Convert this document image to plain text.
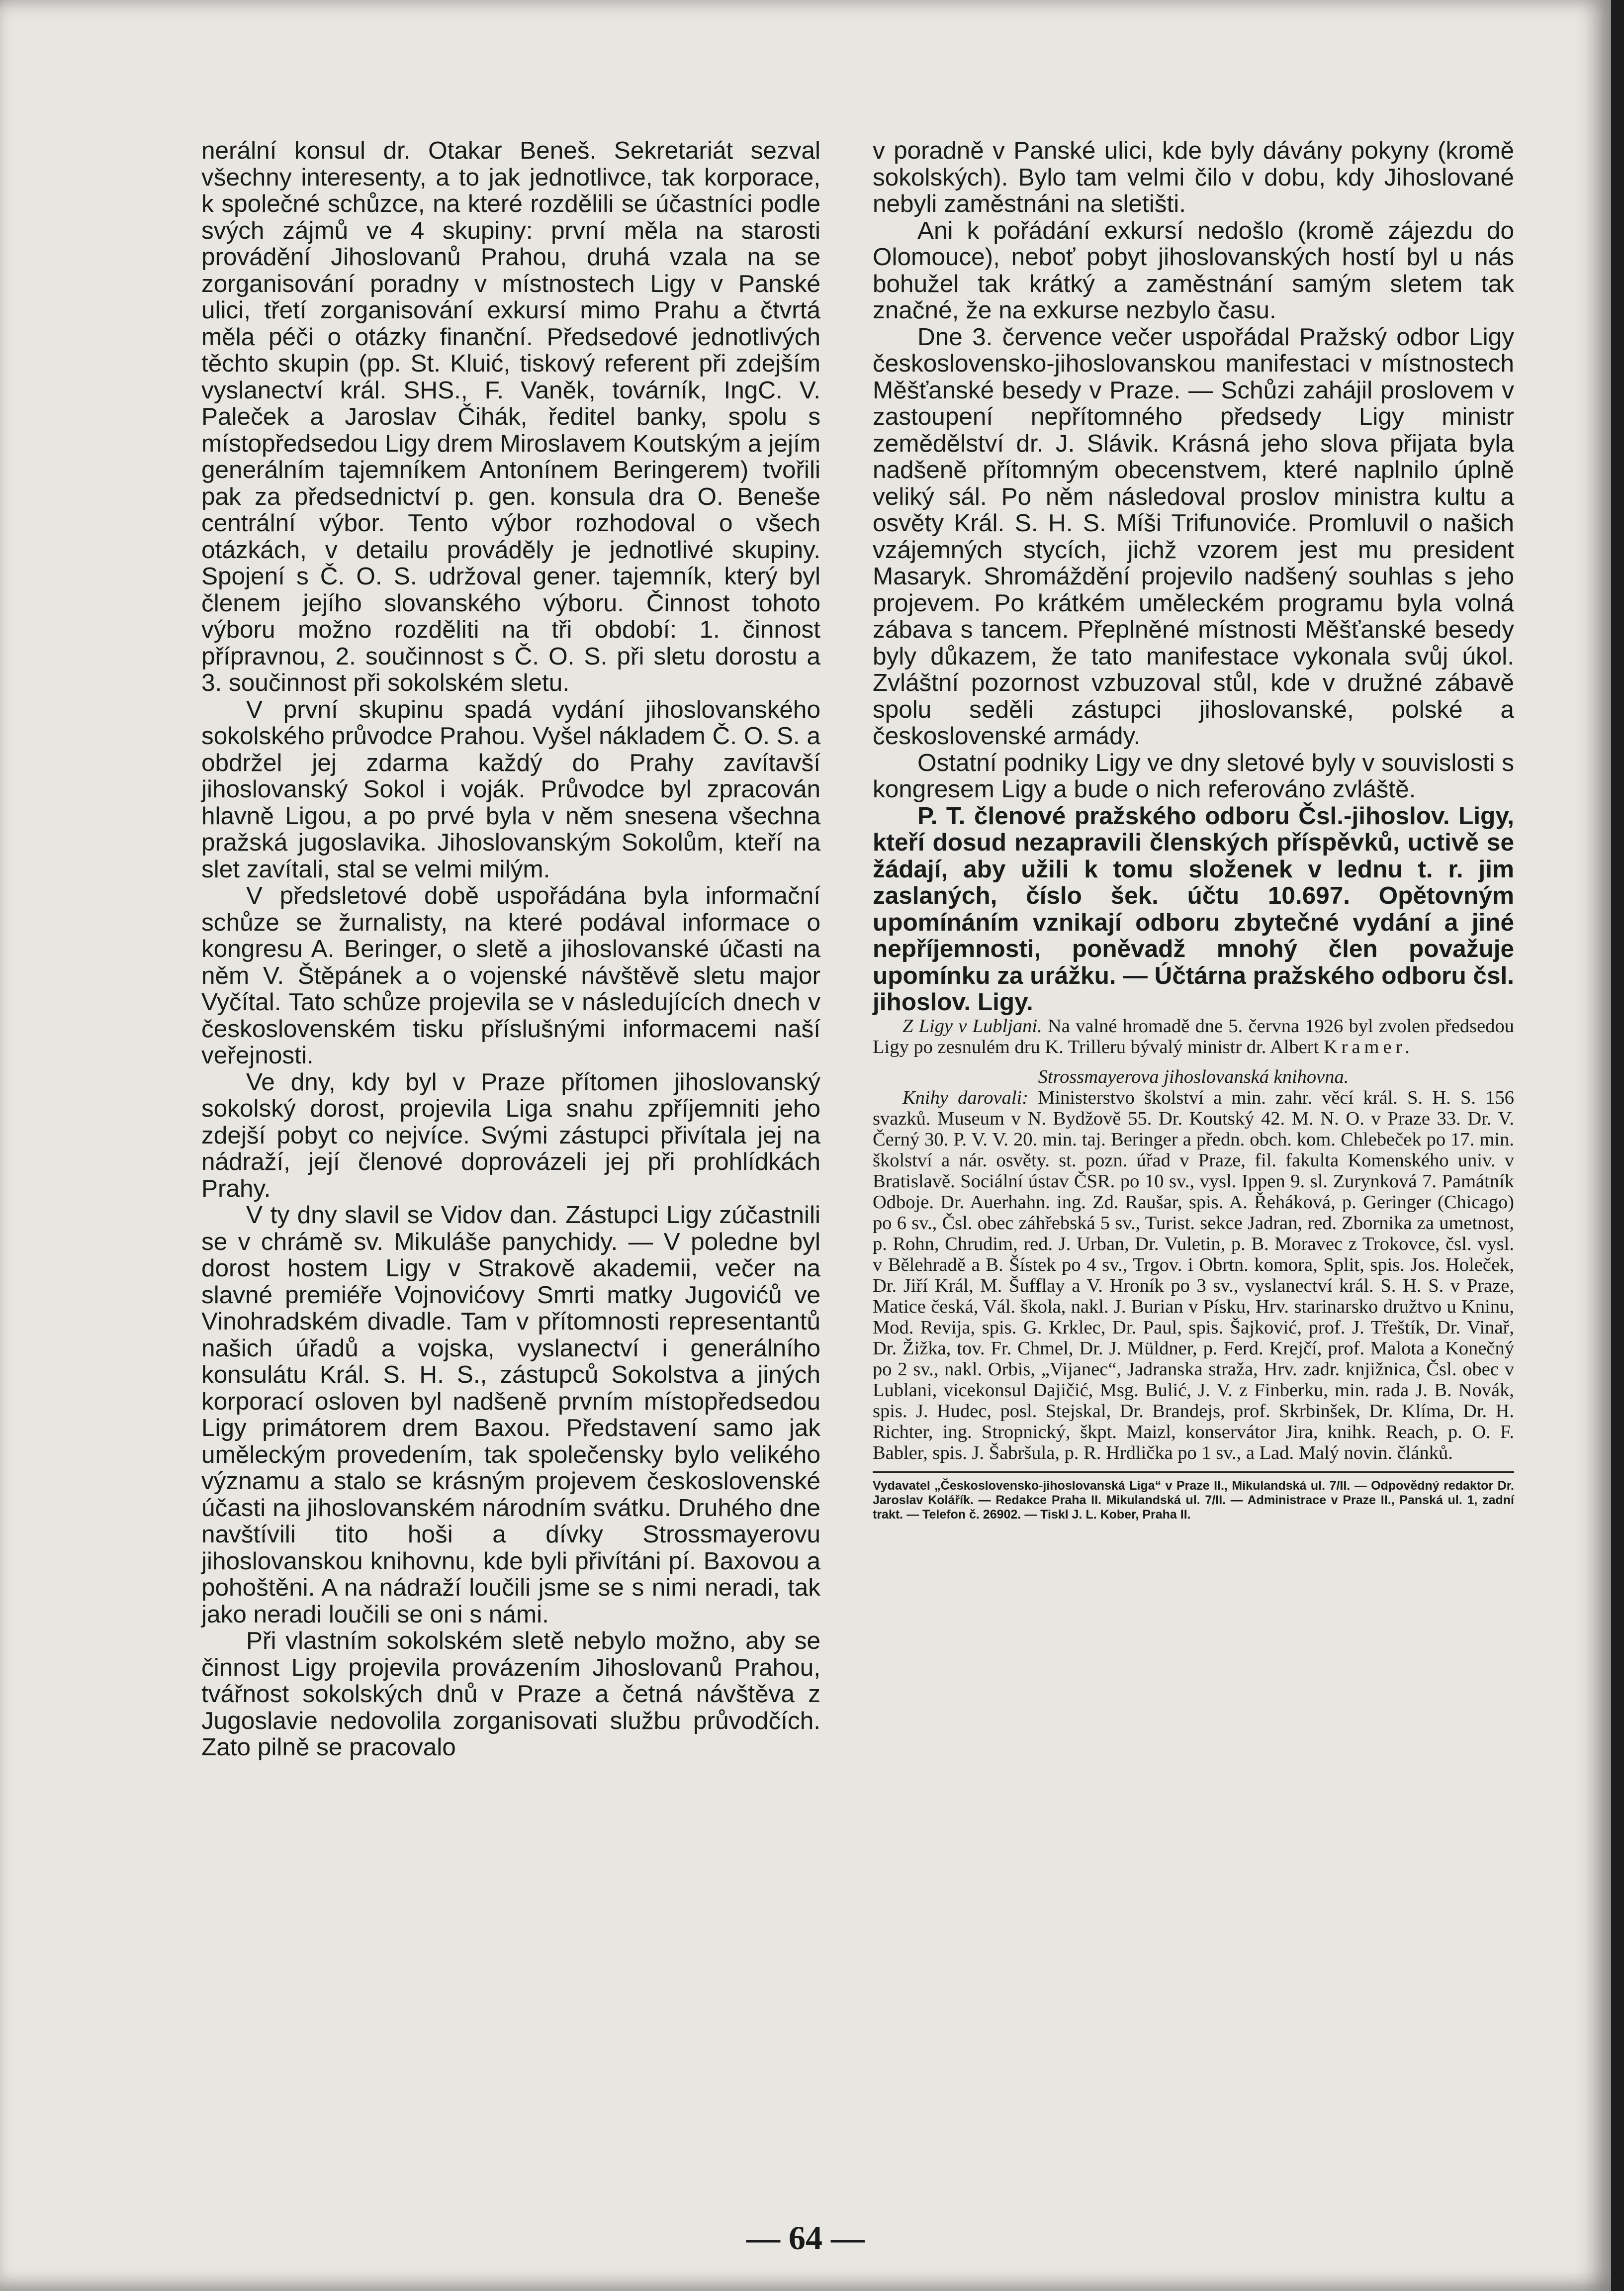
nerální konsul dr. Otakar Beneš. Sekretariát sezval všechny interesenty, a to jak jednotlivce, tak korporace, k společné schůzce, na které rozdělili se účastníci podle svých zájmů ve 4 skupiny: první měla na starosti provádění Jihoslovanů Prahou, druhá vzala na se zorganisování poradny v místnostech Ligy v Panské ulici, třetí zorganisování exkursí mimo Prahu a čtvrtá měla péči o otázky finanční. Předsedové jednotlivých těchto skupin (pp. St. Kluić, tiskový referent při zdejším vyslanectví král. SHS., F. Vaněk, továrník, IngC. V. Paleček a Jaroslav Čihák, ředitel banky, spolu s místopředsedou Ligy drem Miroslavem Koutským a jejím generálním tajemníkem Antonínem Beringerem) tvořili pak za předsednictví p. gen. konsula dra O. Beneše centrální výbor. Tento výbor rozhodoval o všech otázkách, v detailu prováděly je jednotlivé skupiny. Spojení s Č. O. S. udržoval gener. tajemník, který byl členem jejího slovanského výboru. Činnost tohoto výboru možno rozděliti na tři období: 1. činnost přípravnou, 2. součinnost s Č. O. S. při sletu dorostu a 3. součinnost při sokolském sletu.

V první skupinu spadá vydání jihoslovanského sokolského průvodce Prahou. Vyšel nákladem Č. O. S. a obdržel jej zdarma každý do Prahy zavítavší jihoslovanský Sokol i voják. Průvodce byl zpracován hlavně Ligou, a po prvé byla v něm snesena všechna pražská jugoslavika. Jihoslovanským Sokolům, kteří na slet zavítali, stal se velmi milým.

V předsletové době uspořádána byla informační schůze se žurnalisty, na které podával informace o kongresu A. Beringer, o sletě a jihoslovanské účasti na něm V. Štěpánek a o vojenské návštěvě sletu major Vyčítal. Tato schůze projevila se v následujících dnech v československém tisku příslušnými informacemi naší veřejnosti.

Ve dny, kdy byl v Praze přítomen jihoslovanský sokolský dorost, projevila Liga snahu zpříjemniti jeho zdejší pobyt co nejvíce. Svými zástupci přivítala jej na nádraží, její členové doprovázeli jej při prohlídkách Prahy.

V ty dny slavil se Vidov dan. Zástupci Ligy zúčastnili se v chrámě sv. Mikuláše panychidy. — V poledne byl dorost hostem Ligy v Strakově akademii, večer na slavné premiéře Vojnovićovy Smrti matky Jugovićů ve Vinohradském divadle. Tam v přítomnosti representantů našich úřadů a vojska, vyslanectví i generálního konsulátu Král. S. H. S., zástupců Sokolstva a jiných korporací osloven byl nadšeně prvním místopředsedou Ligy primátorem drem Baxou. Představení samo jak uměleckým provedením, tak společensky bylo velikého významu a stalo se krásným projevem československé účasti na jihoslovanském národním svátku. Druhého dne navštívili tito hoši a dívky Strossmayerovu jihoslovanskou knihovnu, kde byli přivítáni pí. Baxovou a pohoštěni. A na nádraží loučili jsme se s nimi neradi, tak jako neradi loučili se oni s námi.

Při vlastním sokolském sletě nebylo možno, aby se činnost Ligy projevila provázením Jihoslovanů Prahou, tvářnost sokolských dnů v Praze a četná návštěva z Jugoslavie nedovolila zorganisovati službu průvodčích. Zato pilně se pracovalo

v poradně v Panské ulici, kde byly dávány pokyny (kromě sokolských). Bylo tam velmi čilo v dobu, kdy Jihoslované nebyli zaměstnáni na sletišti.

Ani k pořádání exkursí nedošlo (kromě zájezdu do Olomouce), neboť pobyt jihoslovanských hostí byl u nás bohužel tak krátký a zaměstnání samým sletem tak značné, že na exkurse nezbylo času.

Dne 3. července večer uspořádal Pražský odbor Ligy československo-jihoslovanskou manifestaci v místnostech Měšťanské besedy v Praze. — Schůzi zahájil proslovem v zastoupení nepřítomného předsedy Ligy ministr zemědělství dr. J. Slávik. Krásná jeho slova přijata byla nadšeně přítomným obecenstvem, které naplnilo úplně veliký sál. Po něm následoval proslov ministra kultu a osvěty Král. S. H. S. Míši Trifunoviće. Promluvil o našich vzájemných stycích, jichž vzorem jest mu president Masaryk. Shromáždění projevilo nadšený souhlas s jeho projevem. Po krátkém uměleckém programu byla volná zábava s tancem. Přeplněné místnosti Měšťanské besedy byly důkazem, že tato manifestace vykonala svůj úkol. Zvláštní pozornost vzbuzoval stůl, kde v družné zábavě spolu seděli zástupci jihoslovanské, polské a československé armády.

Ostatní podniky Ligy ve dny sletové byly v souvislosti s kongresem Ligy a bude o nich referováno zvláště.

P. T. členové pražského odboru Čsl.-jihoslov. Ligy, kteří dosud nezapravili členských příspěvků, uctivě se žádají, aby užili k tomu složenek v lednu t. r. jim zaslaných, číslo šek. účtu 10.697. Opětovným upomínáním vznikají odboru zbytečné vydání a jiné nepříjemnosti, poněvadž mnohý člen považuje upomínku za urážku. — Účtárna pražského odboru čsl. jihoslov. Ligy.

Z Ligy v Lublјani. Na valné hromadě dne 5. června 1926 byl zvolen předsedou Ligy po zesnulém dru K. Trilleru bývalý ministr dr. Albert Kramer.

Strossmayerova jihoslovanská knihovna.

Knihy darovali: Ministerstvo školství a min. zahr. věcí král. S. H. S. 156 svazků. Museum v N. Bydžově 55. Dr. Koutský 42. M. N. O. v Praze 33. Dr. V. Černý 30. P. V. V. 20. min. taj. Beringer a předn. obch. kom. Chlebeček po 17. min. školství a nár. osvěty. st. pozn. úřad v Praze, fil. fakulta Komenského univ. v Bratislavě. Sociální ústav ČSR. po 10 sv., vysl. Ippen 9. sl. Zurynková 7. Památník Odboje. Dr. Auerhahn. ing. Zd. Raušar, spis. A. Řeháková, p. Geringer (Chicago) po 6 sv., Čsl. obec záhřebská 5 sv., Turist. sekce Jadran, red. Zbornika za umetnost, p. Rohn, Chrudim, red. J. Urban, Dr. Vuletin, p. B. Moravec z Trokovce, čsl. vysl. v Bělehradě a B. Šístek po 4 sv., Trgov. i Obrtn. komora, Split, spis. Jos. Holeček, Dr. Jiří Král, M. Šufflay a V. Hroník po 3 sv., vyslanectví král. S. H. S. v Praze, Matice česká, Vál. škola, nakl. J. Burian v Písku, Hrv. starinarsko družtvo u Kninu, Mod. Revija, spis. G. Krklec, Dr. Paul, spis. Šajković, prof. J. Třeštík, Dr. Vinař, Dr. Žižka, tov. Fr. Chmel, Dr. J. Müldner, p. Ferd. Krejčí, prof. Malota a Konečný po 2 sv., nakl. Orbis, „Vijanec“, Jadranska straža, Hrv. zadr. knjižnica, Čsl. obec v Lublani, vicekonsul Dajičić, Msg. Bulić, J. V. z Finberku, min. rada J. B. Novák, spis. J. Hudec, posl. Stejskal, Dr. Brandejs, prof. Skrbinšek, Dr. Klíma, Dr. H. Richter, ing. Stropnický, škpt. Maizl, konservátor Jira, knihk. Reach, p. O. F. Babler, spis. J. Šabršula, p. R. Hrdlička po 1 sv., a Lad. Malý novin. článků.

Vydavatel „Československo-jihoslovanská Liga“ v Praze II., Mikulandská ul. 7/II. — Odpovědný redaktor Dr. Jaroslav Kolářík. — Redakce Praha II. Mikulandská ul. 7/II. — Administrace v Praze II., Panská ul. 1, zadní trakt. — Telefon č. 26902. — Tiskl J. L. Kober, Praha II.
— 64 —
